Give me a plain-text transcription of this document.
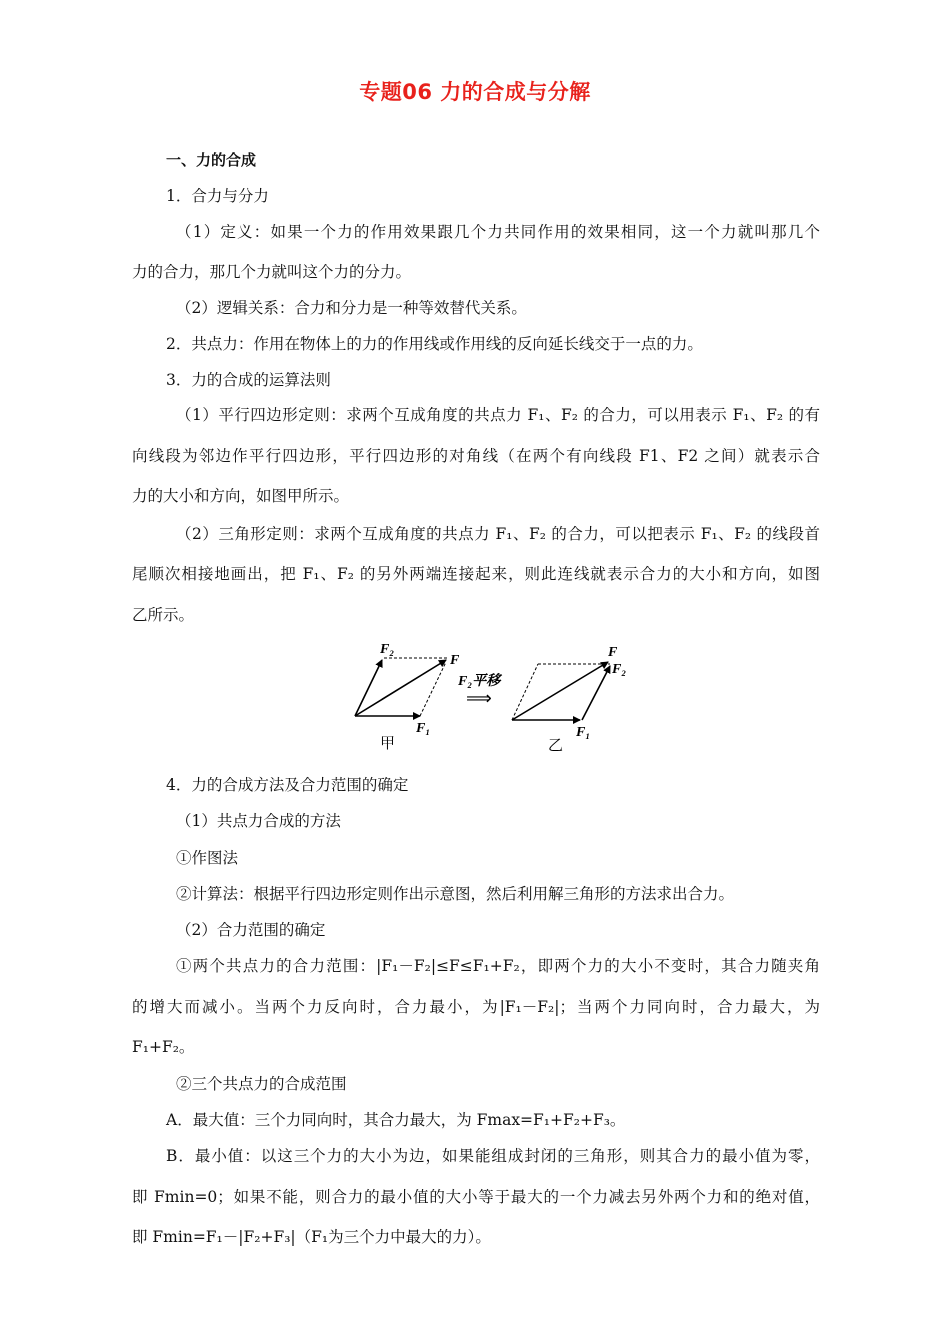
专题06 力的合成与分解
一、力的合成
1．合力与分力
（1）定义：如果一个力的作用效果跟几个力共同作用的效果相同，这一个力就叫那几个
力的合力，那几个力就叫这个力的分力。
（2）逻辑关系：合力和分力是一种等效替代关系。
2．共点力：作用在物体上的力的作用线或作用线的反向延长线交于一点的力。
3．力的合成的运算法则
（1）平行四边形定则：求两个互成角度的共点力 F₁、F₂ 的合力，可以用表示 F₁、F₂ 的有
向线段为邻边作平行四边形，平行四边形的对角线（在两个有向线段 F1、F2 之间）就表示合
力的大小和方向，如图甲所示。
（2）三角形定则：求两个互成角度的共点力 F₁、F₂ 的合力，可以把表示 F₁、F₂ 的线段首
尾顺次相接地画出，把 F₁、F₂ 的另外两端连接起来，则此连线就表示合力的大小和方向，如图
乙所示。
F₂
F
F₁
甲
F₂平移
⟹
F
F₂
F₁
乙
4．力的合成方法及合力范围的确定
（1）共点力合成的方法
①作图法
②计算法：根据平行四边形定则作出示意图，然后利用解三角形的方法求出合力。
（2）合力范围的确定
①两个共点力的合力范围：|F₁－F₂|≤F≤F₁+F₂，即两个力的大小不变时，其合力随夹角
的增大而减小。当两个力反向时，合力最小，为|F₁－F₂|；当两个力同向时，合力最大，为
F₁+F₂。
②三个共点力的合成范围
A．最大值：三个力同向时，其合力最大，为 Fmax=F₁+F₂+F₃。
B．最小值：以这三个力的大小为边，如果能组成封闭的三角形，则其合力的最小值为零，
即 Fmin=0；如果不能，则合力的最小值的大小等于最大的一个力减去另外两个力和的绝对值，
即 Fmin=F₁－|F₂+F₃|（F₁为三个力中最大的力）。
